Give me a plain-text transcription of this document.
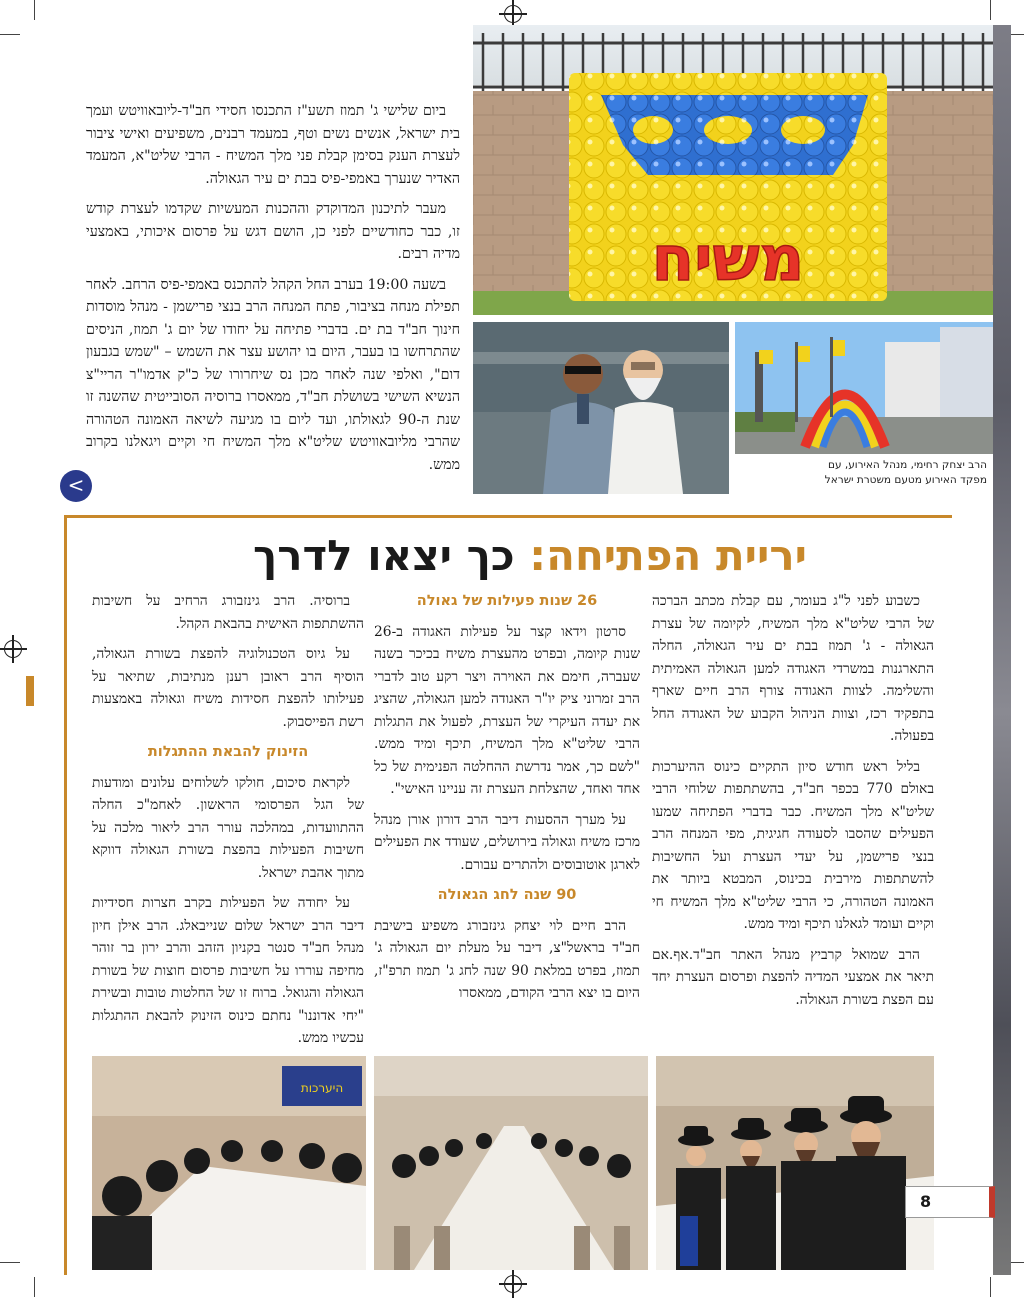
ביום שלישי ג' תמוז תשע"ז התכנסו חסידי חב"ד-ליובאוויטש ועמך בית ישראל, אנשים נשים וטף, במעמד רבנים, משפיעים ואישי ציבור לעצרת הענק בסימן קבלת פני מלך המשיח - הרבי שליט"א, המעמד האדיר שנערך באמפי-פיס בבת ים עיר הגאולה.

מעבר לתיכנון המדוקדק וההכנות המעשיות שקדמו לעצרת קודש זו, כבר כחודשיים לפני כן, הושם דגש על פרסום איכותי, באמצעי מדיה רבים.

בשעה 19:00 בערב החל הקהל להתכנס באמפי-פיס הרחב. לאחר תפילת מנחה בציבור, פתח המנחה הרב בנצי פרישמן - מנהל מוסדות חינוך חב"ד בת ים. בדברי פתיחה על יחודו של יום ג' תמוז, הניסים שהתרחשו בו בעבר, היום בו יהושע עצר את השמש – "שמש בגבעון דום", ואלפי שנה לאחר מכן נס שיחרורו של כ"ק אדמו"ר הריי"צ הנשיא השישי בשושלת חב"ד, ממאסרו ברוסיה הסובייטית שהשנה זו שנת ה-90 לגאולתו, ועד ליום בו מגיעה לשיאה האמונה הטהורה שהרבי מליובאוויטש שליט"א מלך המשיח חי וקיים ויגאלנו בקרוב ממש.

משיח
הרב יצחק רחימי, מנהל האירוע, עם
מפקד האירוע מטעם משטרת ישראל
<
יריית הפתיחה: כך יצאו לדרך

כשבוע לפני ל"ג בעומר, עם קבלת מכתב הברכה של הרבי שליט"א מלך המשיח, לקיומה של עצרת הגאולה - ג' תמוז בבת ים עיר הגאולה, החלה התארגנות במשרדי האגודה למען הגאולה האמיתית והשלימה. לצוות האגודה צורף הרב חיים שארף בתפקיד רכז, וצוות הניהול הקבוע של האגודה החל בפעולה.

בליל ראש חודש סיון התקיים כינוס ההיערכות באולם 770 בכפר חב"ד, בהשתתפות שלוחי הרבי שליט"א מלך המשיח. כבר בדברי הפתיחה שמעו הפעילים שהסבו לסעודה חגיגית, מפי המנחה הרב בנצי פרישמן, על יעדי העצרת ועל החשיבות להשתתפות מירבית בכינוס, המבטא ביותר את האמונה הטהורה, כי הרבי שליט"א מלך המשיח חי וקיים ועומד לגאלנו תיכף ומיד ממש.

הרב שמואל קרביץ מנהל האתר חב"ד.אף.אם תיאר את אמצעי המדיה להפצת ופרסום העצרת יחד עם הפצת בשורת הגאולה.

26 שנות פעילות של גאולה

סרטון וידאו קצר על פעילות האגודה ב-26 שנות קיומה, ובפרט מהעצרת משיח בכיכר בשנה שעברה, חימם את האוירה ויצר רקע טוב לדברי הרב זמרוני ציק יו"ר האגודה למען הגאולה, שהציג את יעדה העיקרי של העצרת, לפעול את התגלות הרבי שליט"א מלך המשיח, תיכף ומיד ממש. "לשם כך, אמר נדרשת ההחלטה הפנימית של כל אחד ואחד, שהצלחת העצרת זה עניינו האישי".

על מערך ההסעות דיבר הרב דורון אורן מנהל מרכז משיח וגאולה בירושלים, שעודד את הפעילים לארגן אוטובוסים ולהתרים עבורם.

90 שנה לחג הגאולה

הרב חיים לוי יצחק גינזבורג משפיע בישיבת חב"ד בראשל"צ, דיבר על מעלת יום הגאולה ג' תמוז, בפרט במלאת 90 שנה לחג ג' תמוז תרפ"ז, היום בו יצא הרבי הקודם, ממאסרו

ברוסיה. הרב גינזבורג הרחיב על חשיבות ההשתתפות האישית בהבאת הקהל.

על גיוס הטכנולוגיה להפצת בשורת הגאולה, הוסיף הרב ראובן רענן מנתיבות, שתיאר על פעילותו להפצת חסידות משיח וגאולה באמצעות רשת הפייסבוק.

הזינוק להבאת ההתגלות

לקראת סיכום, חולקו לשלוחים עלונים ומודעות של הגל הפרסומי הראשון. לאחמ"כ החלה ההתוועדות, במהלכה עורר הרב ליאור מלכה על חשיבות הפעילות בהפצת בשורת הגאולה דווקא מתוך אהבת ישראל.

על יחודה של הפעילות בקרב חצרות חסידיות דיבר הרב ישראל שלום שנייבאלג. הרב אילן חיון מנהל חב"ד סנטר בקניון הזהב והרב ירון בר זוהר מחיפה עוררו על חשיבות פרסום חוצות של בשורת הגאולה והגואל. ברוח זו של החלטות טובות ובשירת "יחי אדוננו" נחתם כינוס הזינוק להבאת ההתגלות עכשיו ממש.

היערכות
8
